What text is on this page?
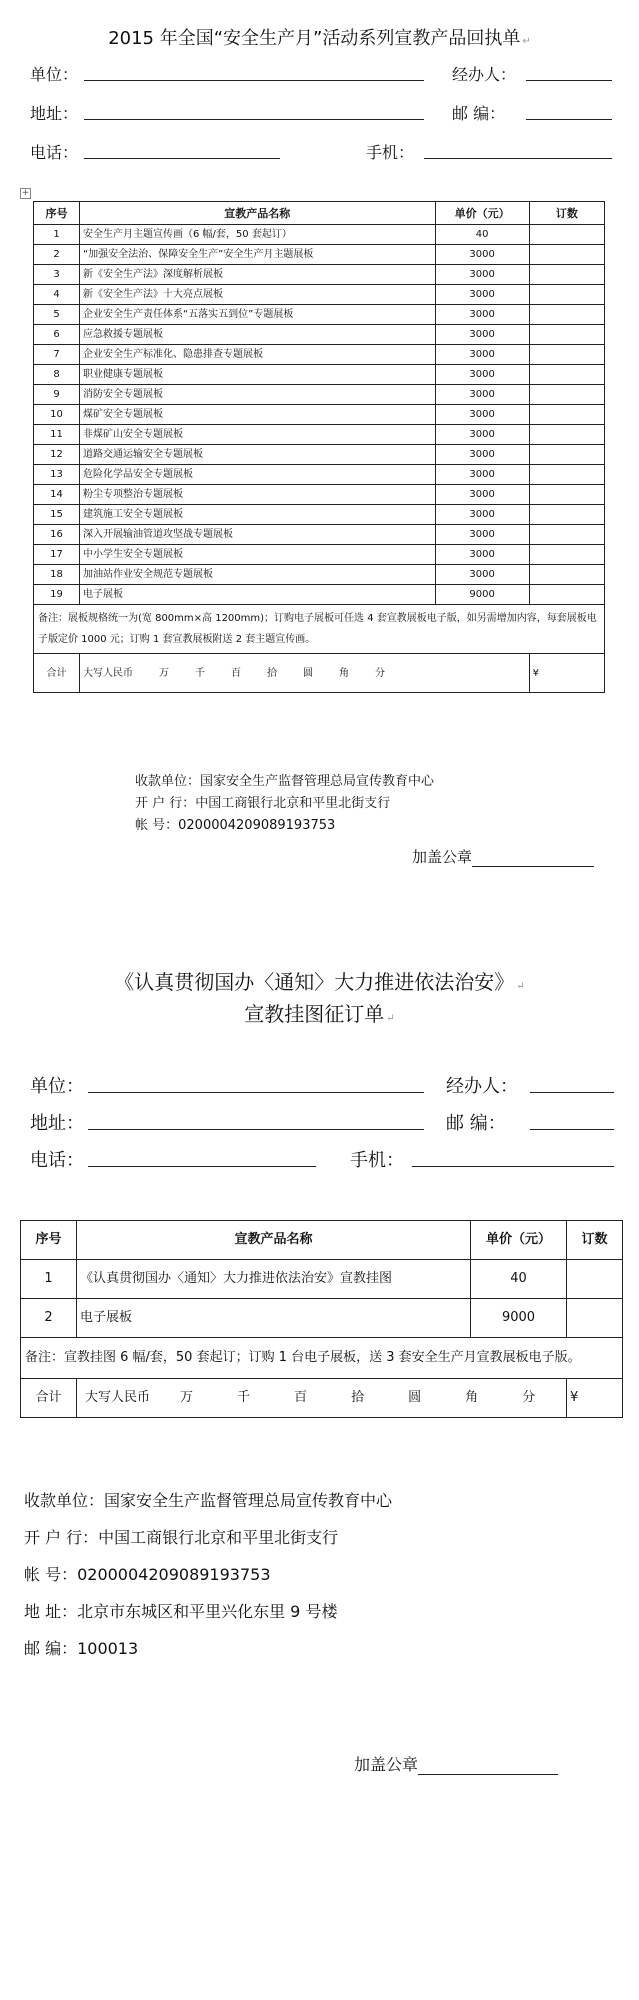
2015 年全国“安全生产月”活动系列宣教产品回执单 ↵
单位：	经办人：
地址：	邮 编：
电话：	手机：
+
序号	宣教产品名称	单价（元）	订数
1	安全生产月主题宣传画（6 幅/套，50 套起订）	40	
2	“加强安全法治、保障安全生产”安全生产月主题展板	3000	
3	新《安全生产法》深度解析展板	3000	
4	新《安全生产法》十大亮点展板	3000	
5	企业安全生产责任体系“五落实五到位”专题展板	3000	
6	应急救援专题展板	3000	
7	企业安全生产标准化、隐患排查专题展板	3000	
8	职业健康专题展板	3000	
9	消防安全专题展板	3000	
10	煤矿安全专题展板	3000	
11	非煤矿山安全专题展板	3000	
12	道路交通运输安全专题展板	3000	
13	危险化学品安全专题展板	3000	
14	粉尘专项整治专题展板	3000	
15	建筑施工安全专题展板	3000	
16	深入开展输油管道攻坚战专题展板	3000	
17	中小学生安全专题展板	3000	
18	加油站作业安全规范专题展板	3000	
19	电子展板	9000	
备注：展板规格统一为(宽 800mm×高 1200mm)；订购电子展板可任选 4 套宣教展板电子版，如另需增加内容，每套展板电子版定价 1000 元；订购 1 套宣教展板附送 2 套主题宣传画。			
合计	大写人民币 万 千 百 拾 圆 角 分		¥
收款单位：国家安全生产监督管理总局宣传教育中心
开 户 行：中国工商银行北京和平里北街支行
帐 号：0200004209089193753
加盖公章
《认真贯彻国办〈通知〉大力推进依法治安》 ↵
宣教挂图征订单 ↵
单位：	经办人：
地址：	邮 编：
电话：	手机：
序号	宣教产品名称	单价（元）	订数
1	《认真贯彻国办〈通知〉大力推进依法治安》宣教挂图	40	
2	电子展板	9000	
备注：宣教挂图 6 幅/套，50 套起订；订购 1 台电子展板，送 3 套安全生产月宣教展板电子版。			
合计	大写人民币 万 千 百 拾 圆 角 分		¥
收款单位：国家安全生产监督管理总局宣传教育中心
开 户 行：中国工商银行北京和平里北街支行
帐 号：0200004209089193753
地 址：北京市东城区和平里兴化东里 9 号楼
邮 编：100013
加盖公章
